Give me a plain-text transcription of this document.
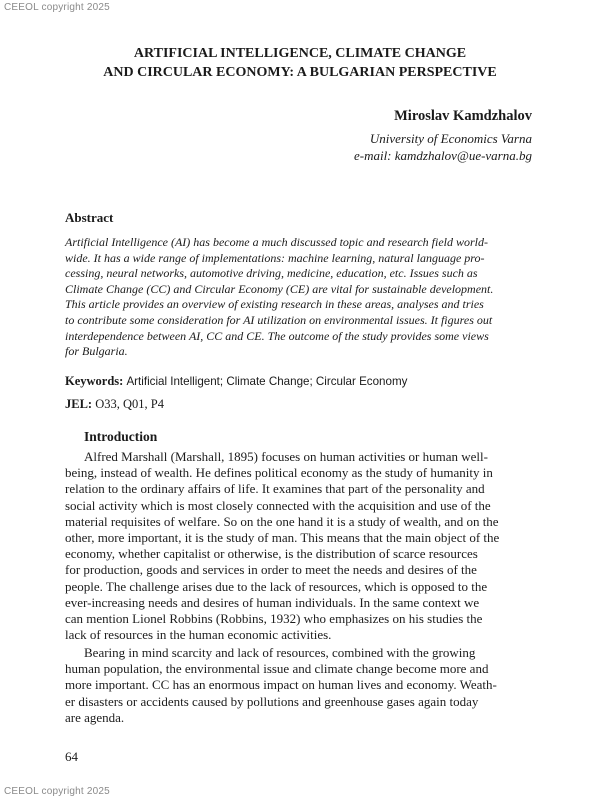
CEEOL copyright 2025
ARTIFICIAL INTELLIGENCE, CLIMATE CHANGE
AND CIRCULAR ECONOMY: A BULGARIAN PERSPECTIVE
Miroslav Kamdzhalov
University of Economics Varna
e-mail: kamdzhalov@ue-varna.bg
Abstract
Artificial Intelligence (AI) has become a much discussed topic and research field world-
wide. It has a wide range of implementations: machine learning, natural language pro-
cessing, neural networks, automotive driving, medicine, education, etc. Issues such as
Climate Change (CC) and Circular Economy (CE) are vital for sustainable development.
This article provides an overview of existing research in these areas, analyses and tries
to contribute some consideration for AI utilization on environmental issues. It figures out
interdependence between AI, CC and CE. The outcome of the study provides some views
for Bulgaria.
Keywords: Artificial Intelligent; Climate Change; Circular Economy
JEL: O33, Q01, P4
Introduction
Alfred Marshall (Marshall, 1895) focuses on human activities or human well-
being, instead of wealth. He defines political economy as the study of humanity in
relation to the ordinary affairs of life. It examines that part of the personality and
social activity which is most closely connected with the acquisition and use of the
material requisites of welfare. So on the one hand it is a study of wealth, and on the
other, more important, it is the study of man. This means that the main object of the
economy, whether capitalist or otherwise, is the distribution of scarce resources
for production, goods and services in order to meet the needs and desires of the
people. The challenge arises due to the lack of resources, which is opposed to the
ever-increasing needs and desires of human individuals. In the same context we
can mention Lionel Robbins (Robbins, 1932) who emphasizes on his studies the
lack of resources in the human economic activities.
Bearing in mind scarcity and lack of resources, combined with the growing
human population, the environmental issue and climate change become more and
more important. CC has an enormous impact on human lives and economy. Weath-
er disasters or accidents caused by pollutions and greenhouse gases again today
are agenda.
64
CEEOL copyright 2025
